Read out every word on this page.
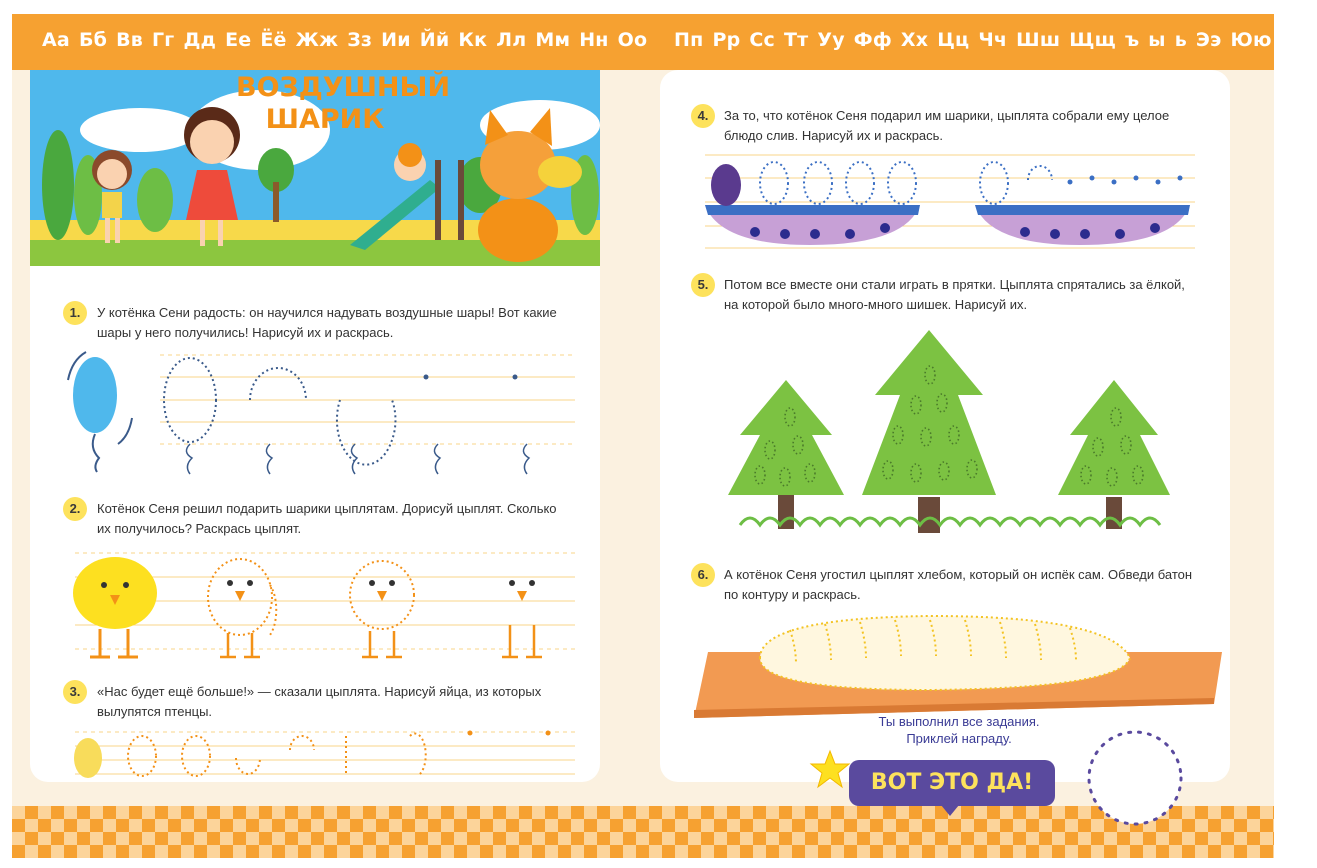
Аа Бб Вв Гг Дд Ее Ёё Жж Зз Ии Йй Кк Лл Мм Нн Оо	Пп Рр Сс Тт Уу Фф Хх Цц Чч Шш Щщ ъ ы ь Ээ Юю Яя
ВОЗДУШНЫЙ ШАРИК
1.	У котёнка Сени радость: он научился надувать воздушные шары! Вот какие шары у него получились! Нарисуй их и раскрась.
2.	Котёнок Сеня решил подарить шарики цыплятам. Дорисуй цыплят. Сколько их получилось? Раскрась цыплят.
3.	«Нас будет ещё больше!» — сказали цыплята. Нарисуй яйца, из которых вылупятся птенцы.
4.	За то, что котёнок Сеня подарил им шарики, цыплята собрали ему целое блюдо слив. Нарисуй их и раскрась.
5.	Потом все вместе они стали играть в прятки. Цыплята спрятались за ёлкой, на которой было много-много шишек. Нарисуй их.
6.	А котёнок Сеня угостил цыплят хлебом, который он испёк сам. Обведи батон по контуру и раскрась.
Ты выполнил все задания. Приклей награду.
ВОТ ЭТО ДА!
